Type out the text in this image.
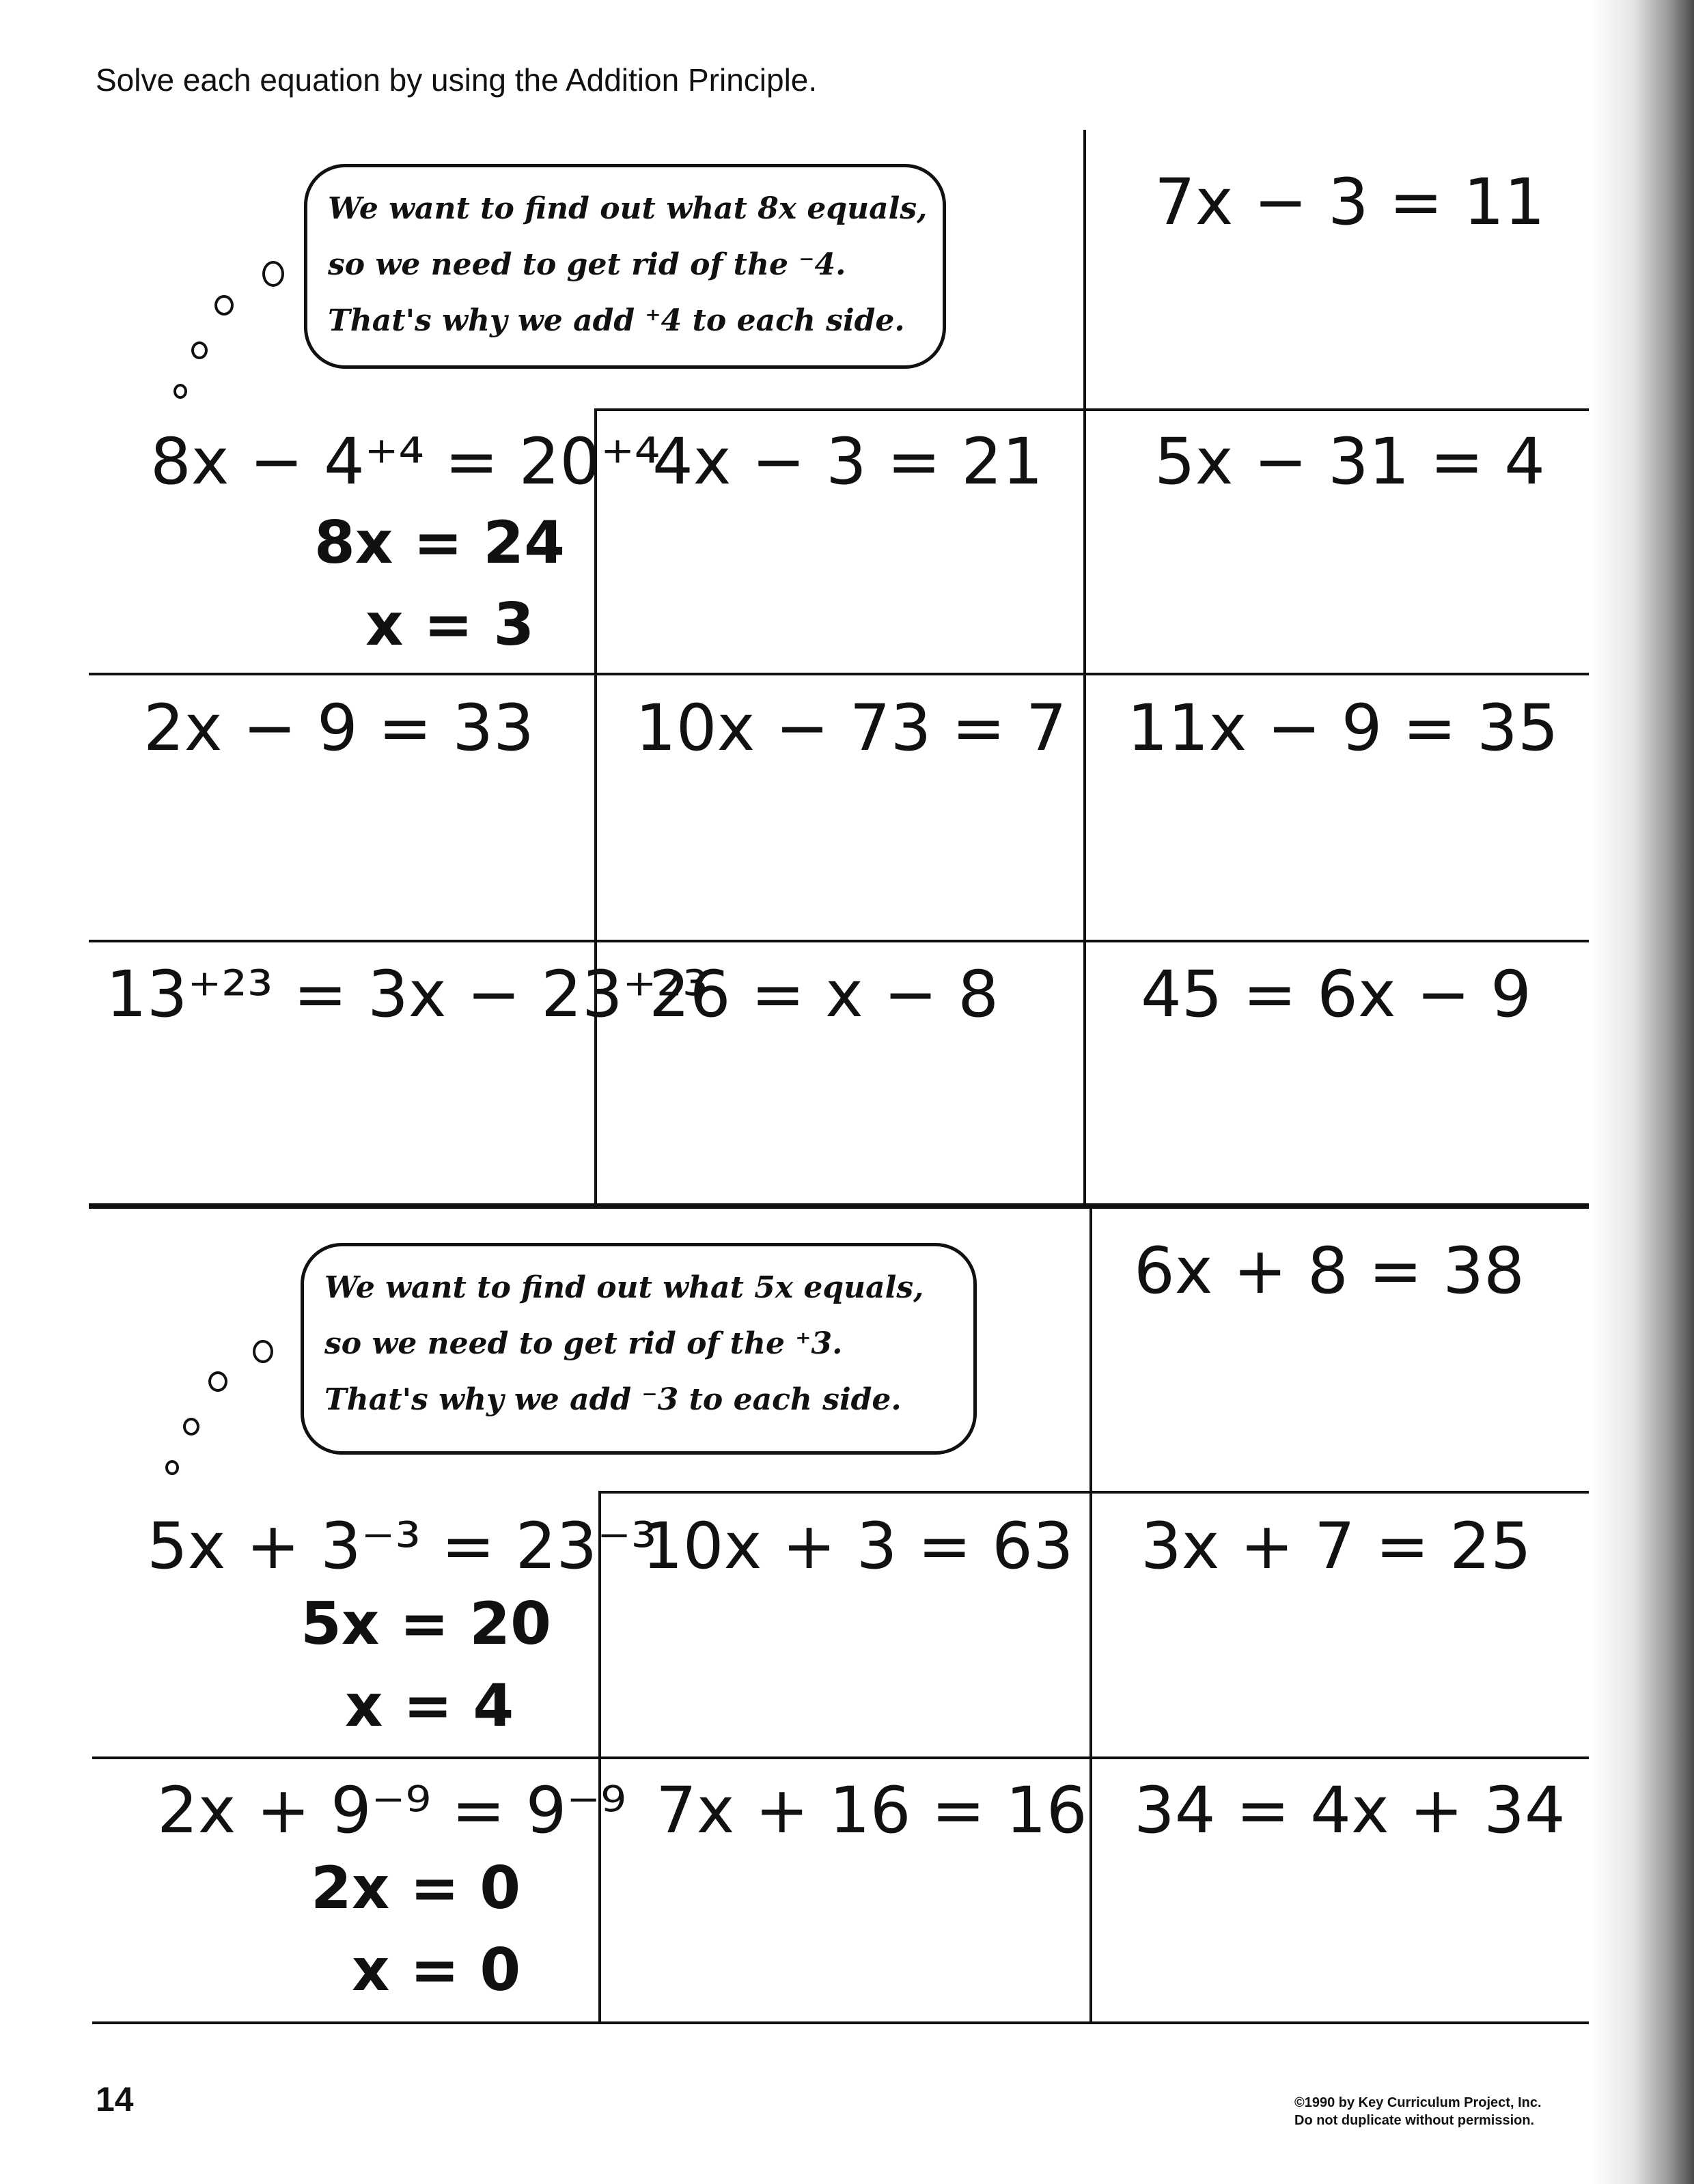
Solve each equation by using the Addition Principle.
We want to find out what 8x equals,
so we need to get rid of the ⁻4.
That's why we add ⁺4 to each side.
8x − 4⁺⁴ = 20⁺⁴
8x = 24
x = 3
7x − 3 = 11
4x − 3 = 21 5x − 31 = 4
2x − 9 = 33 10x − 73 = 7 11x − 9 = 35
13⁺²³ = 3x − 23⁺²³
26 = x − 8 45 = 6x − 9
We want to find out what 5x equals,
so we need to get rid of the ⁺3.
That's why we add ⁻3 to each side.
5x + 3⁻³ = 23⁻³
5x = 20
x = 4
2x + 9⁻⁹ = 9⁻⁹
2x = 0
x = 0
6x + 8 = 38
10x + 3 = 63 3x + 7 = 25
7x + 16 = 16 34 = 4x + 34
14	©1990 by Key Curriculum Project, Inc.
Do not duplicate without permission.
